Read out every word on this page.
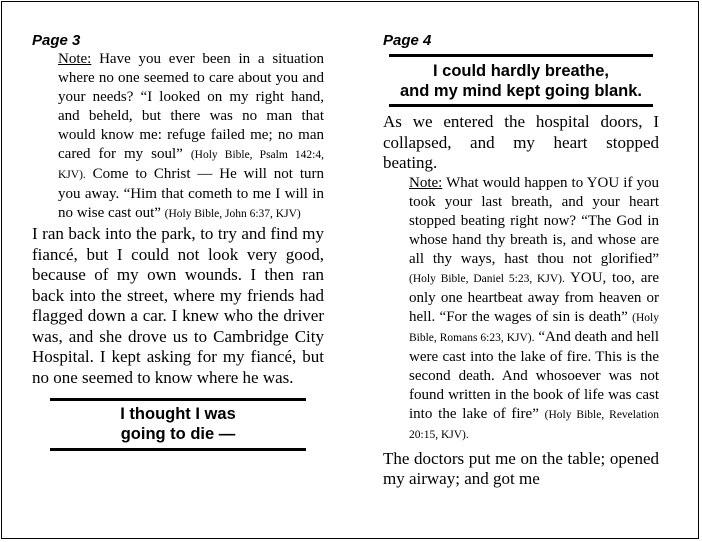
Page 3
Note: Have you ever been in a situation where no one seemed to care about you and your needs? “I looked on my right hand, and beheld, but there was no man that would know me: refuge failed me; no man cared for my soul” (Holy Bible, Psalm 142:4, KJV). Come to Christ — He will not turn you away. “Him that cometh to me I will in no wise cast out” (Holy Bible, John 6:37, KJV)
I ran back into the park, to try and find my fiancé, but I could not look very good, because of my own wounds. I then ran back into the street, where my friends had flagged down a car. I knew who the driver was, and she drove us to Cambridge City Hospital. I kept asking for my fiancé, but no one seemed to know where he was.
I thought I was
going to die —
Page 4
I could hardly breathe,
and my mind kept going blank.
As we entered the hospital doors, I collapsed, and my heart stopped beating.
Note: What would happen to YOU if you took your last breath, and your heart stopped beating right now? “The God in whose hand thy breath is, and whose are all thy ways, hast thou not glorified” (Holy Bible, Daniel 5:23, KJV). YOU, too, are only one heartbeat away from heaven or hell. “For the wages of sin is death” (Holy Bible, Romans 6:23, KJV). “And death and hell were cast into the lake of fire. This is the second death. And whosoever was not found written in the book of life was cast into the lake of fire” (Holy Bible, Revelation 20:15, KJV).
The doctors put me on the table; opened my airway; and got me
